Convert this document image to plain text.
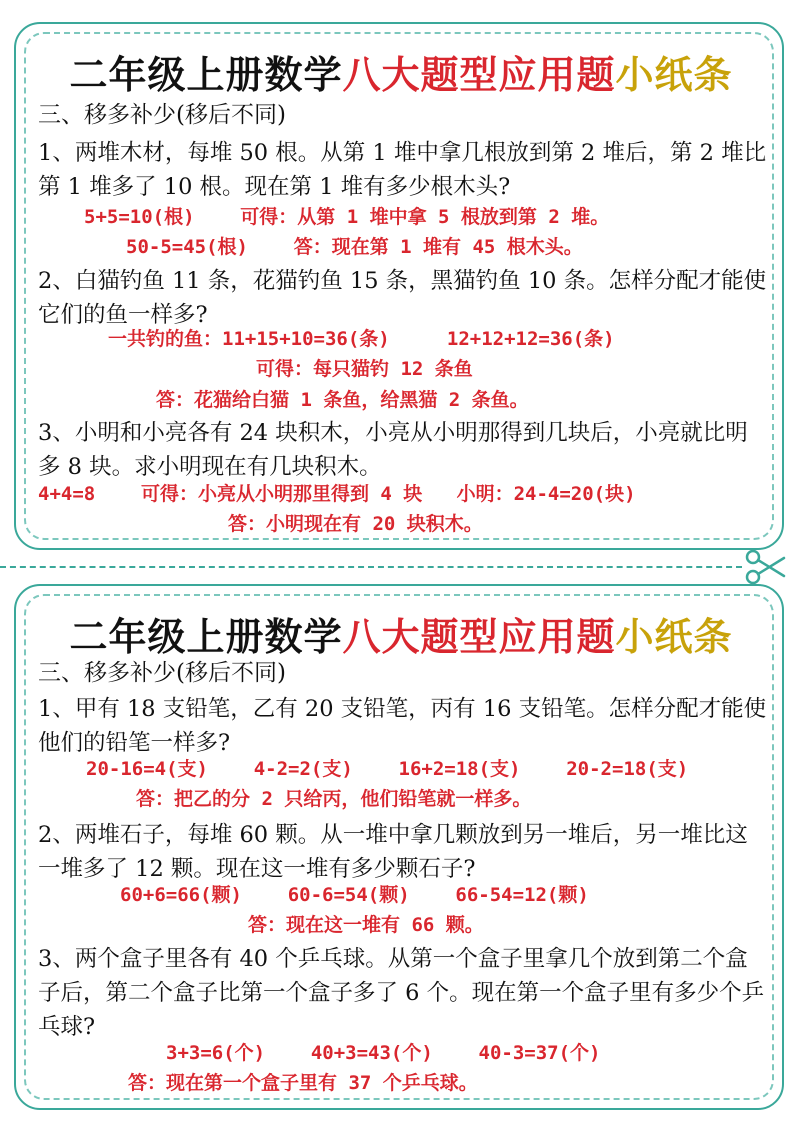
二年级上册数学八大题型应用题小纸条
三、移多补少(移后不同)
1、两堆木材，每堆 50 根。从第 1 堆中拿几根放到第 2 堆后，第 2 堆比第 1 堆多了 10 根。现在第 1 堆有多少根木头?
5+5=10(根)    可得：从第 1 堆中拿 5 根放到第 2 堆。
50-5=45(根)    答：现在第 1 堆有 45 根木头。
2、白猫钓鱼 11 条，花猫钓鱼 15 条，黑猫钓鱼 10 条。怎样分配才能使它们的鱼一样多?
一共钓的鱼：11+15+10=36(条)     12+12+12=36(条)
可得：每只猫钓 12 条鱼
答：花猫给白猫 1 条鱼，给黑猫 2 条鱼。
3、小明和小亮各有 24 块积木，小亮从小明那得到几块后，小亮就比明多 8 块。求小明现在有几块积木。
4+4=8    可得：小亮从小明那里得到 4 块   小明：24-4=20(块)
答：小明现在有 20 块积木。
二年级上册数学八大题型应用题小纸条
三、移多补少(移后不同)
1、甲有 18 支铅笔，乙有 20 支铅笔，丙有 16 支铅笔。怎样分配才能使他们的铅笔一样多?
20-16=4(支)    4-2=2(支)    16+2=18(支)    20-2=18(支)
答：把乙的分 2 只给丙，他们铅笔就一样多。
2、两堆石子，每堆 60 颗。从一堆中拿几颗放到另一堆后，另一堆比这一堆多了 12 颗。现在这一堆有多少颗石子?
60+6=66(颗)    60-6=54(颗)    66-54=12(颗)
答：现在这一堆有 66 颗。
3、两个盒子里各有 40 个乒乓球。从第一个盒子里拿几个放到第二个盒子后，第二个盒子比第一个盒子多了 6 个。现在第一个盒子里有多少个乒乓球?
3+3=6(个)    40+3=43(个)    40-3=37(个)
答：现在第一个盒子里有 37 个乒乓球。
